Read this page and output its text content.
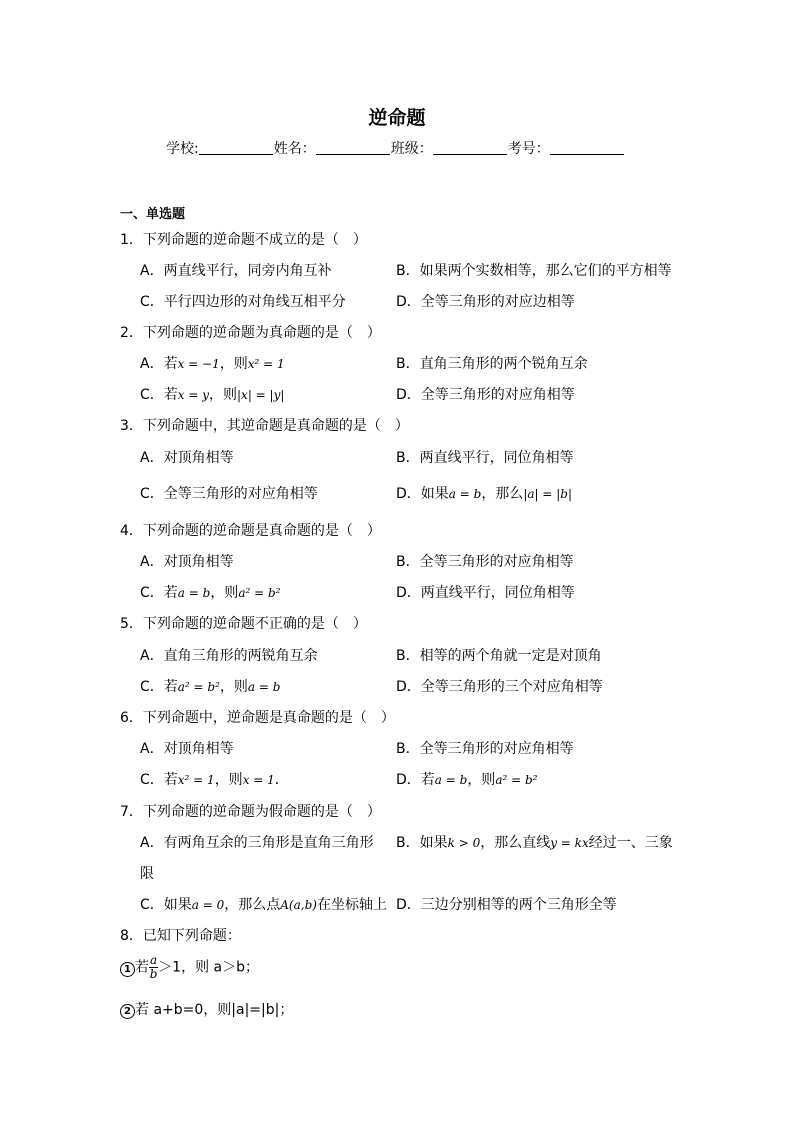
逆命题
学校:	姓名：	班级：	考号：
一、单选题
1．下列命题的逆命题不成立的是（　）
A．两直线平行，同旁内角互补	B．如果两个实数相等，那么它们的平方相等
C．平行四边形的对角线互相平分	D．全等三角形的对应边相等
2．下列命题的逆命题为真命题的是（　）
A．若x = −1，则x² = 1	B．直角三角形的两个锐角互余
C．若x = y，则|x| = |y|	D．全等三角形的对应角相等
3．下列命题中，其逆命题是真命题的是（　）
A．对顶角相等	B．两直线平行，同位角相等
C．全等三角形的对应角相等	D．如果a = b，那么|a| = |b|
4．下列命题的逆命题是真命题的是（　）
A．对顶角相等	B．全等三角形的对应角相等
C．若a = b，则a² = b²	D．两直线平行，同位角相等
5．下列命题的逆命题不正确的是（　）
A．直角三角形的两锐角互余	B．相等的两个角就一定是对顶角
C．若a² = b²，则a = b	D．全等三角形的三个对应角相等
6．下列命题中，逆命题是真命题的是（　）
A．对顶角相等	B．全等三角形的对应角相等
C．若x² = 1，则x = 1．	D．若a = b，则a² = b²
7．下列命题的逆命题为假命题的是（　）
A．有两角互余的三角形是直角三角形 B．如果k > 0，那么直线y = kx经过一、三象
限
C．如果a = 0，那么点A(a,b)在坐标轴上 D．三边分别相等的两个三角形全等
8．已知下列命题：
1 若 $\frac{a}{b} >1$，则 a＞b；
2 若 a+b=0，则|a|=|b|；
